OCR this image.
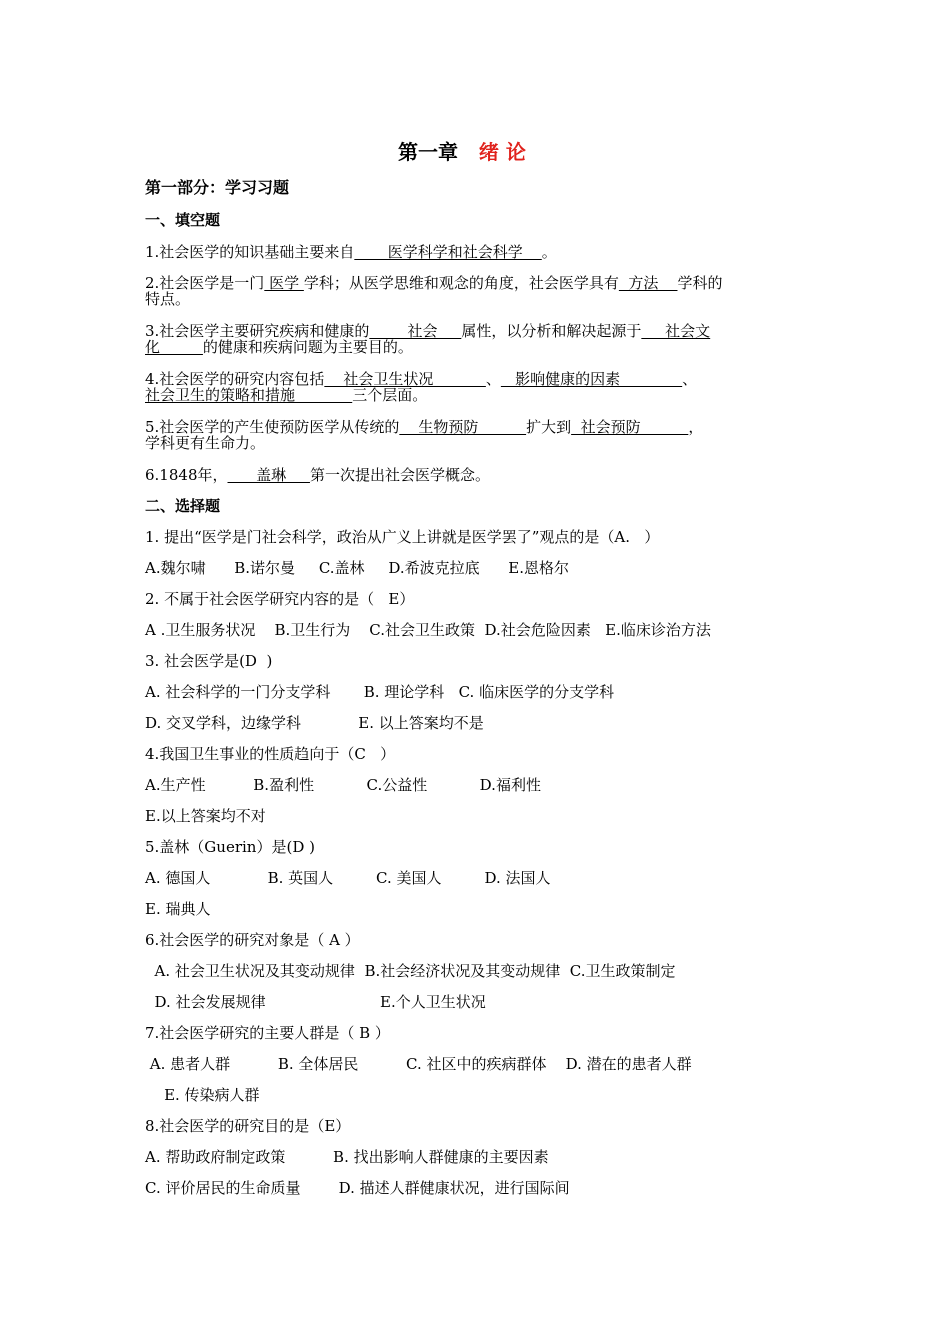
第一章 绪 论
第一部分：学习习题
一、填空题
1.社会医学的知识基础主要来自       医学科学和社会科学    。
2.社会医学是一门 医学 学科；从医学思维和观念的角度，社会医学具有  方法    学科的
特点。
3.社会医学主要研究疾病和健康的        社会     属性，以分析和解决起源于     社会文
化         的健康和疾病问题为主要目的。
4.社会医学的研究内容包括    社会卫生状况           、   影响健康的因素             、
社会卫生的策略和措施            三个层面。
5.社会医学的产生使预防医学从传统的    生物预防          扩大到  社会预防          ，
学科更有生命力。
6.1848年，      盖琳     第一次提出社会医学概念。
二、选择题
1. 提出“医学是门社会科学，政治从广义上讲就是医学罢了”观点的是（A.   ）
A.魏尔啸      B.诺尔曼     C.盖林     D.希波克拉底      E.恩格尔
2. 不属于社会医学研究内容的是（   E）
A .卫生服务状况    B.卫生行为    C.社会卫生政策  D.社会危险因素   E.临床诊治方法
3. 社会医学是(D  )
A. 社会科学的一门分支学科       B. 理论学科   C. 临床医学的分支学科
D. 交叉学科，边缘学科            E. 以上答案均不是
4.我国卫生事业的性质趋向于（C   ）
A.生产性          B.盈利性           C.公益性           D.福利性
E.以上答案均不对
5.盖林（Guerin）是(D )
A. 德国人            B. 英国人         C. 美国人         D. 法国人
E. 瑞典人
6.社会医学的研究对象是（ A ）
A. 社会卫生状况及其变动规律  B.社会经济状况及其变动规律  C.卫生政策制定
D. 社会发展规律                        E.个人卫生状况
7.社会医学研究的主要人群是（ B ）
A. 患者人群          B. 全体居民          C. 社区中的疾病群体    D. 潜在的患者人群
E. 传染病人群
8.社会医学的研究目的是（E）
A. 帮助政府制定政策          B. 找出影响人群健康的主要因素
C. 评价居民的生命质量        D. 描述人群健康状况，进行国际间
